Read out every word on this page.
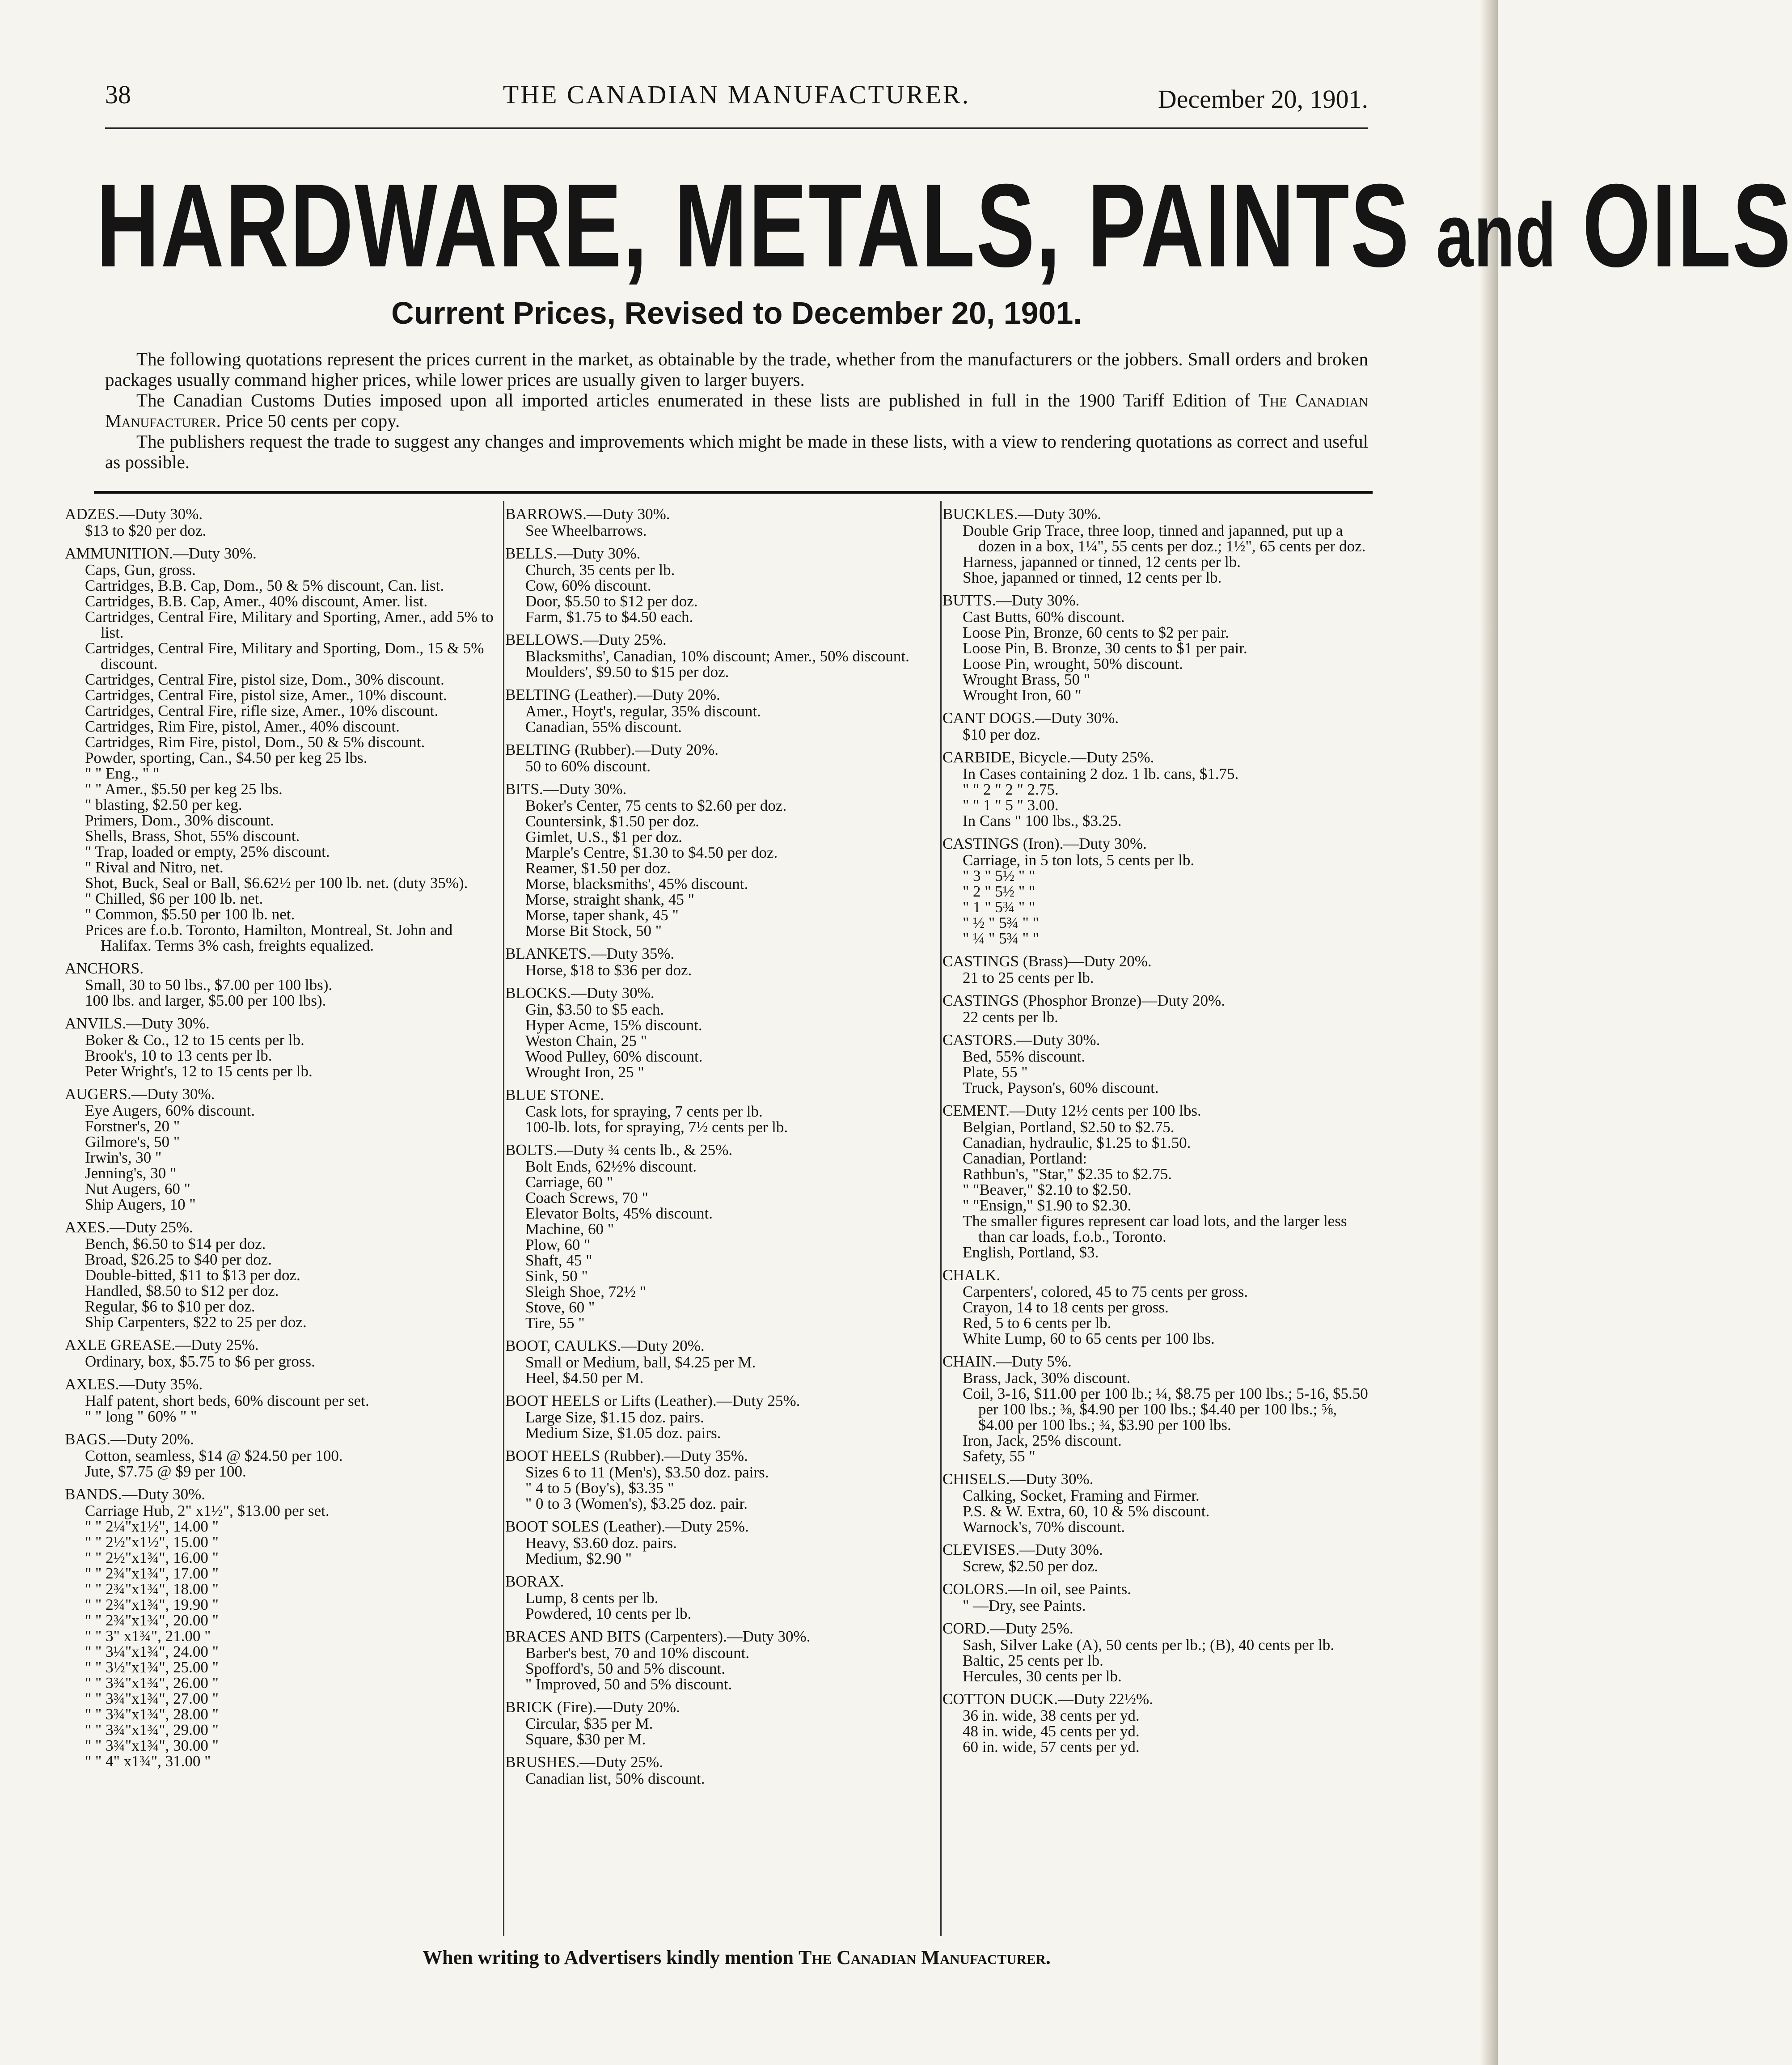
38	THE CANADIAN MANUFACTURER.	December 20, 1901.
HARDWARE, METALS, PAINTS and OILS
Current Prices, Revised to December 20, 1901.

The following quotations represent the prices current in the market, as obtainable by the trade, whether from the manufacturers or the jobbers. Small orders and broken packages usually command higher prices, while lower prices are usually given to larger buyers.

The Canadian Customs Duties imposed upon all imported articles enumerated in these lists are published in full in the 1900 Tariff Edition of The Canadian Manufacturer. Price 50 cents per copy.

The publishers request the trade to suggest any changes and improvements which might be made in these lists, with a view to rendering quotations as correct and useful as possible.

ADZES.—Duty 30%.
$13 to $20 per doz.
AMMUNITION.—Duty 30%.
Caps, Gun, gross.
Cartridges, B.B. Cap, Dom., 50 & 5% discount, Can. list.
Cartridges, B.B. Cap, Amer., 40% discount, Amer. list.
Cartridges, Central Fire, Military and Sporting, Amer., add 5% to list.
Cartridges, Central Fire, Military and Sporting, Dom., 15 & 5% discount.
Cartridges, Central Fire, pistol size, Dom., 30% discount.
Cartridges, Central Fire, pistol size, Amer., 10% discount.
Cartridges, Central Fire, rifle size, Amer., 10% discount.
Cartridges, Rim Fire, pistol, Amer., 40% discount.
Cartridges, Rim Fire, pistol, Dom., 50 & 5% discount.
Powder, sporting, Can., $4.50 per keg 25 lbs.
" " Eng., " "
" " Amer., $5.50 per keg 25 lbs.
" blasting, $2.50 per keg.
Primers, Dom., 30% discount.
Shells, Brass, Shot, 55% discount.
" Trap, loaded or empty, 25% discount.
" Rival and Nitro, net.
Shot, Buck, Seal or Ball, $6.62½ per 100 lb. net. (duty 35%).
" Chilled, $6 per 100 lb. net.
" Common, $5.50 per 100 lb. net.
Prices are f.o.b. Toronto, Hamilton, Montreal, St. John and Halifax. Terms 3% cash, freights equalized.
ANCHORS.
Small, 30 to 50 lbs., $7.00 per 100 lbs).
100 lbs. and larger, $5.00 per 100 lbs).
ANVILS.—Duty 30%.
Boker & Co., 12 to 15 cents per lb.
Brook's, 10 to 13 cents per lb.
Peter Wright's, 12 to 15 cents per lb.
AUGERS.—Duty 30%.
Eye Augers, 60% discount.
Forstner's, 20 "
Gilmore's, 50 "
Irwin's, 30 "
Jenning's, 30 "
Nut Augers, 60 "
Ship Augers, 10 "
AXES.—Duty 25%.
Bench, $6.50 to $14 per doz.
Broad, $26.25 to $40 per doz.
Double-bitted, $11 to $13 per doz.
Handled, $8.50 to $12 per doz.
Regular, $6 to $10 per doz.
Ship Carpenters, $22 to 25 per doz.
AXLE GREASE.—Duty 25%.
Ordinary, box, $5.75 to $6 per gross.
AXLES.—Duty 35%.
Half patent, short beds, 60% discount per set.
" " long " 60% " "
BAGS.—Duty 20%.
Cotton, seamless, $14 @ $24.50 per 100.
Jute, $7.75 @ $9 per 100.
BANDS.—Duty 30%.
Carriage Hub, 2" x1½", $13.00 per set.
" " 2¼"x1½", 14.00 "
" " 2½"x1½", 15.00 "
" " 2½"x1¾", 16.00 "
" " 2¾"x1¾", 17.00 "
" " 2¾"x1¾", 18.00 "
" " 2¾"x1¾", 19.90 "
" " 2¾"x1¾", 20.00 "
" " 3" x1¾", 21.00 "
" " 3¼"x1¾", 24.00 "
" " 3½"x1¾", 25.00 "
" " 3¾"x1¾", 26.00 "
" " 3¾"x1¾", 27.00 "
" " 3¾"x1¾", 28.00 "
" " 3¾"x1¾", 29.00 "
" " 3¾"x1¾", 30.00 "
" " 4" x1¾", 31.00 "
BARROWS.—Duty 30%.
See Wheelbarrows.
BELLS.—Duty 30%.
Church, 35 cents per lb.
Cow, 60% discount.
Door, $5.50 to $12 per doz.
Farm, $1.75 to $4.50 each.
BELLOWS.—Duty 25%.
Blacksmiths', Canadian, 10% discount; Amer., 50% discount.
Moulders', $9.50 to $15 per doz.
BELTING (Leather).—Duty 20%.
Amer., Hoyt's, regular, 35% discount.
Canadian, 55% discount.
BELTING (Rubber).—Duty 20%.
50 to 60% discount.
BITS.—Duty 30%.
Boker's Center, 75 cents to $2.60 per doz.
Countersink, $1.50 per doz.
Gimlet, U.S., $1 per doz.
Marple's Centre, $1.30 to $4.50 per doz.
Reamer, $1.50 per doz.
Morse, blacksmiths', 45% discount.
Morse, straight shank, 45 "
Morse, taper shank, 45 "
Morse Bit Stock, 50 "
BLANKETS.—Duty 35%.
Horse, $18 to $36 per doz.
BLOCKS.—Duty 30%.
Gin, $3.50 to $5 each.
Hyper Acme, 15% discount.
Weston Chain, 25 "
Wood Pulley, 60% discount.
Wrought Iron, 25 "
BLUE STONE.
Cask lots, for spraying, 7 cents per lb.
100-lb. lots, for spraying, 7½ cents per lb.
BOLTS.—Duty ¾ cents lb., & 25%.
Bolt Ends, 62½% discount.
Carriage, 60 "
Coach Screws, 70 "
Elevator Bolts, 45% discount.
Machine, 60 "
Plow, 60 "
Shaft, 45 "
Sink, 50 "
Sleigh Shoe, 72½ "
Stove, 60 "
Tire, 55 "
BOOT, CAULKS.—Duty 20%.
Small or Medium, ball, $4.25 per M.
Heel, $4.50 per M.
BOOT HEELS or Lifts (Leather).—Duty 25%.
Large Size, $1.15 doz. pairs.
Medium Size, $1.05 doz. pairs.
BOOT HEELS (Rubber).—Duty 35%.
Sizes 6 to 11 (Men's), $3.50 doz. pairs.
" 4 to 5 (Boy's), $3.35 "
" 0 to 3 (Women's), $3.25 doz. pair.
BOOT SOLES (Leather).—Duty 25%.
Heavy, $3.60 doz. pairs.
Medium, $2.90 "
BORAX.
Lump, 8 cents per lb.
Powdered, 10 cents per lb.
BRACES AND BITS (Carpenters).—Duty 30%.
Barber's best, 70 and 10% discount.
Spofford's, 50 and 5% discount.
" Improved, 50 and 5% discount.
BRICK (Fire).—Duty 20%.
Circular, $35 per M.
Square, $30 per M.
BRUSHES.—Duty 25%.
Canadian list, 50% discount.
BUCKLES.—Duty 30%.
Double Grip Trace, three loop, tinned and japanned, put up a dozen in a box, 1¼", 55 cents per doz.; 1½", 65 cents per doz.
Harness, japanned or tinned, 12 cents per lb.
Shoe, japanned or tinned, 12 cents per lb.
BUTTS.—Duty 30%.
Cast Butts, 60% discount.
Loose Pin, Bronze, 60 cents to $2 per pair.
Loose Pin, B. Bronze, 30 cents to $1 per pair.
Loose Pin, wrought, 50% discount.
Wrought Brass, 50 "
Wrought Iron, 60 "
CANT DOGS.—Duty 30%.
$10 per doz.
CARBIDE, Bicycle.—Duty 25%.
In Cases containing 2 doz. 1 lb. cans, $1.75.
" " 2 " 2 " 2.75.
" " 1 " 5 " 3.00.
In Cans " 100 lbs., $3.25.
CASTINGS (Iron).—Duty 30%.
Carriage, in 5 ton lots, 5 cents per lb.
" 3 " 5½ " "
" 2 " 5½ " "
" 1 " 5¾ " "
" ½ " 5¾ " "
" ¼ " 5¾ " "
CASTINGS (Brass)—Duty 20%.
21 to 25 cents per lb.
CASTINGS (Phosphor Bronze)—Duty 20%.
22 cents per lb.
CASTORS.—Duty 30%.
Bed, 55% discount.
Plate, 55 "
Truck, Payson's, 60% discount.
CEMENT.—Duty 12½ cents per 100 lbs.
Belgian, Portland, $2.50 to $2.75.
Canadian, hydraulic, $1.25 to $1.50.
Canadian, Portland:
Rathbun's, "Star," $2.35 to $2.75.
" "Beaver," $2.10 to $2.50.
" "Ensign," $1.90 to $2.30.
The smaller figures represent car load lots, and the larger less than car loads, f.o.b., Toronto.
English, Portland, $3.
CHALK.
Carpenters', colored, 45 to 75 cents per gross.
Crayon, 14 to 18 cents per gross.
Red, 5 to 6 cents per lb.
White Lump, 60 to 65 cents per 100 lbs.
CHAIN.—Duty 5%.
Brass, Jack, 30% discount.
Coil, 3-16, $11.00 per 100 lb.; ¼, $8.75 per 100 lbs.; 5-16, $5.50 per 100 lbs.; ⅜, $4.90 per 100 lbs.; $4.40 per 100 lbs.; ⅝, $4.00 per 100 lbs.; ¾, $3.90 per 100 lbs.
Iron, Jack, 25% discount.
Safety, 55 "
CHISELS.—Duty 30%.
Calking, Socket, Framing and Firmer.
P.S. & W. Extra, 60, 10 & 5% discount.
Warnock's, 70% discount.
CLEVISES.—Duty 30%.
Screw, $2.50 per doz.
COLORS.—In oil, see Paints.
" —Dry, see Paints.
CORD.—Duty 25%.
Sash, Silver Lake (A), 50 cents per lb.; (B), 40 cents per lb.
Baltic, 25 cents per lb.
Hercules, 30 cents per lb.
COTTON DUCK.—Duty 22½%.
36 in. wide, 38 cents per yd.
48 in. wide, 45 cents per yd.
60 in. wide, 57 cents per yd.
When writing to Advertisers kindly mention The Canadian Manufacturer.
